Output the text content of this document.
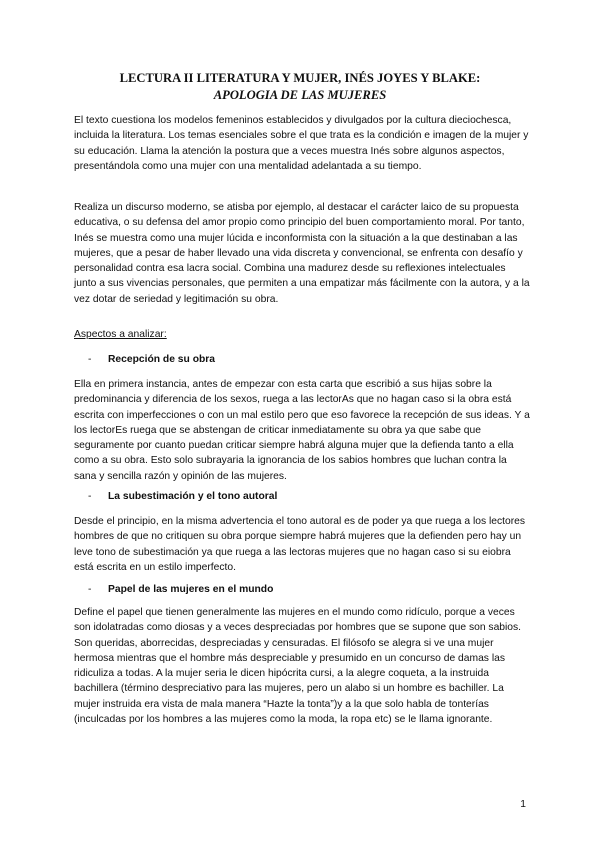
LECTURA II LITERATURA Y MUJER, INÉS JOYES Y BLAKE:
APOLOGIA DE LAS MUJERES

El texto cuestiona los modelos femeninos establecidos y divulgados por la cultura dieciochesca, incluida la literatura. Los temas esenciales sobre el que trata es la condición e imagen de la mujer y su educación. Llama la atención la postura que a veces muestra Inés sobre algunos aspectos, presentándola como una mujer con una mentalidad adelantada a su tiempo.

Realiza un discurso moderno, se atisba por ejemplo, al destacar el carácter laico de su propuesta educativa, o su defensa del amor propio como principio del buen comportamiento moral. Por tanto, Inés se muestra como una mujer lúcida e inconformista con la situación a la que destinaban a las mujeres, que a pesar de haber llevado una vida discreta y convencional, se enfrenta con desafío y personalidad contra esa lacra social. Combina una madurez desde su reflexiones intelectuales junto a sus vivencias personales, que permiten a una empatizar más fácilmente con la autora, y a la vez dotar de seriedad y legitimación su obra.

Aspectos a analizar:

- Recepción de su obra

Ella en primera instancia, antes de empezar con esta carta que escribió a sus hijas sobre la predominancia y diferencia de los sexos, ruega a las lectorAs que no hagan caso si la obra está escrita con imperfecciones o con un mal estilo pero que eso favorece la recepción de sus ideas. Y a los lectorEs ruega que se abstengan de criticar inmediatamente su obra ya que sabe que seguramente por cuanto puedan criticar siempre habrá alguna mujer que la defienda tanto a ella como a su obra. Esto solo subrayaria la ignorancia de los sabios hombres que luchan contra la sana y sencilla razón y opinión de las mujeres.

- La subestimación y el tono autoral

Desde el principio, en la misma advertencia el tono autoral es de poder ya que ruega a los lectores hombres de que no critiquen su obra porque siempre habrá mujeres que la defienden pero hay un leve tono de subestimación ya que ruega a las lectoras mujeres que no hagan caso si su eiobra está escrita en un estilo imperfecto.

- Papel de las mujeres en el mundo

Define el papel que tienen generalmente las mujeres en el mundo como ridículo, porque a veces son idolatradas como diosas y a veces despreciadas por hombres que se supone que son sabios. Son queridas, aborrecidas, despreciadas y censuradas. El filósofo se alegra si ve una mujer hermosa mientras que el hombre más despreciable y presumido en un concurso de damas las ridiculiza a todas. A la mujer seria le dicen hipócrita cursi, a la alegre coqueta, a la instruida bachillera (término despreciativo para las mujeres, pero un alabo si un hombre es bachiller. La mujer instruida era vista de mala manera “Hazte la tonta”)y a la que solo habla de tonterías (inculcadas por los hombres a las mujeres como la moda, la ropa etc) se le llama ignorante.

1
